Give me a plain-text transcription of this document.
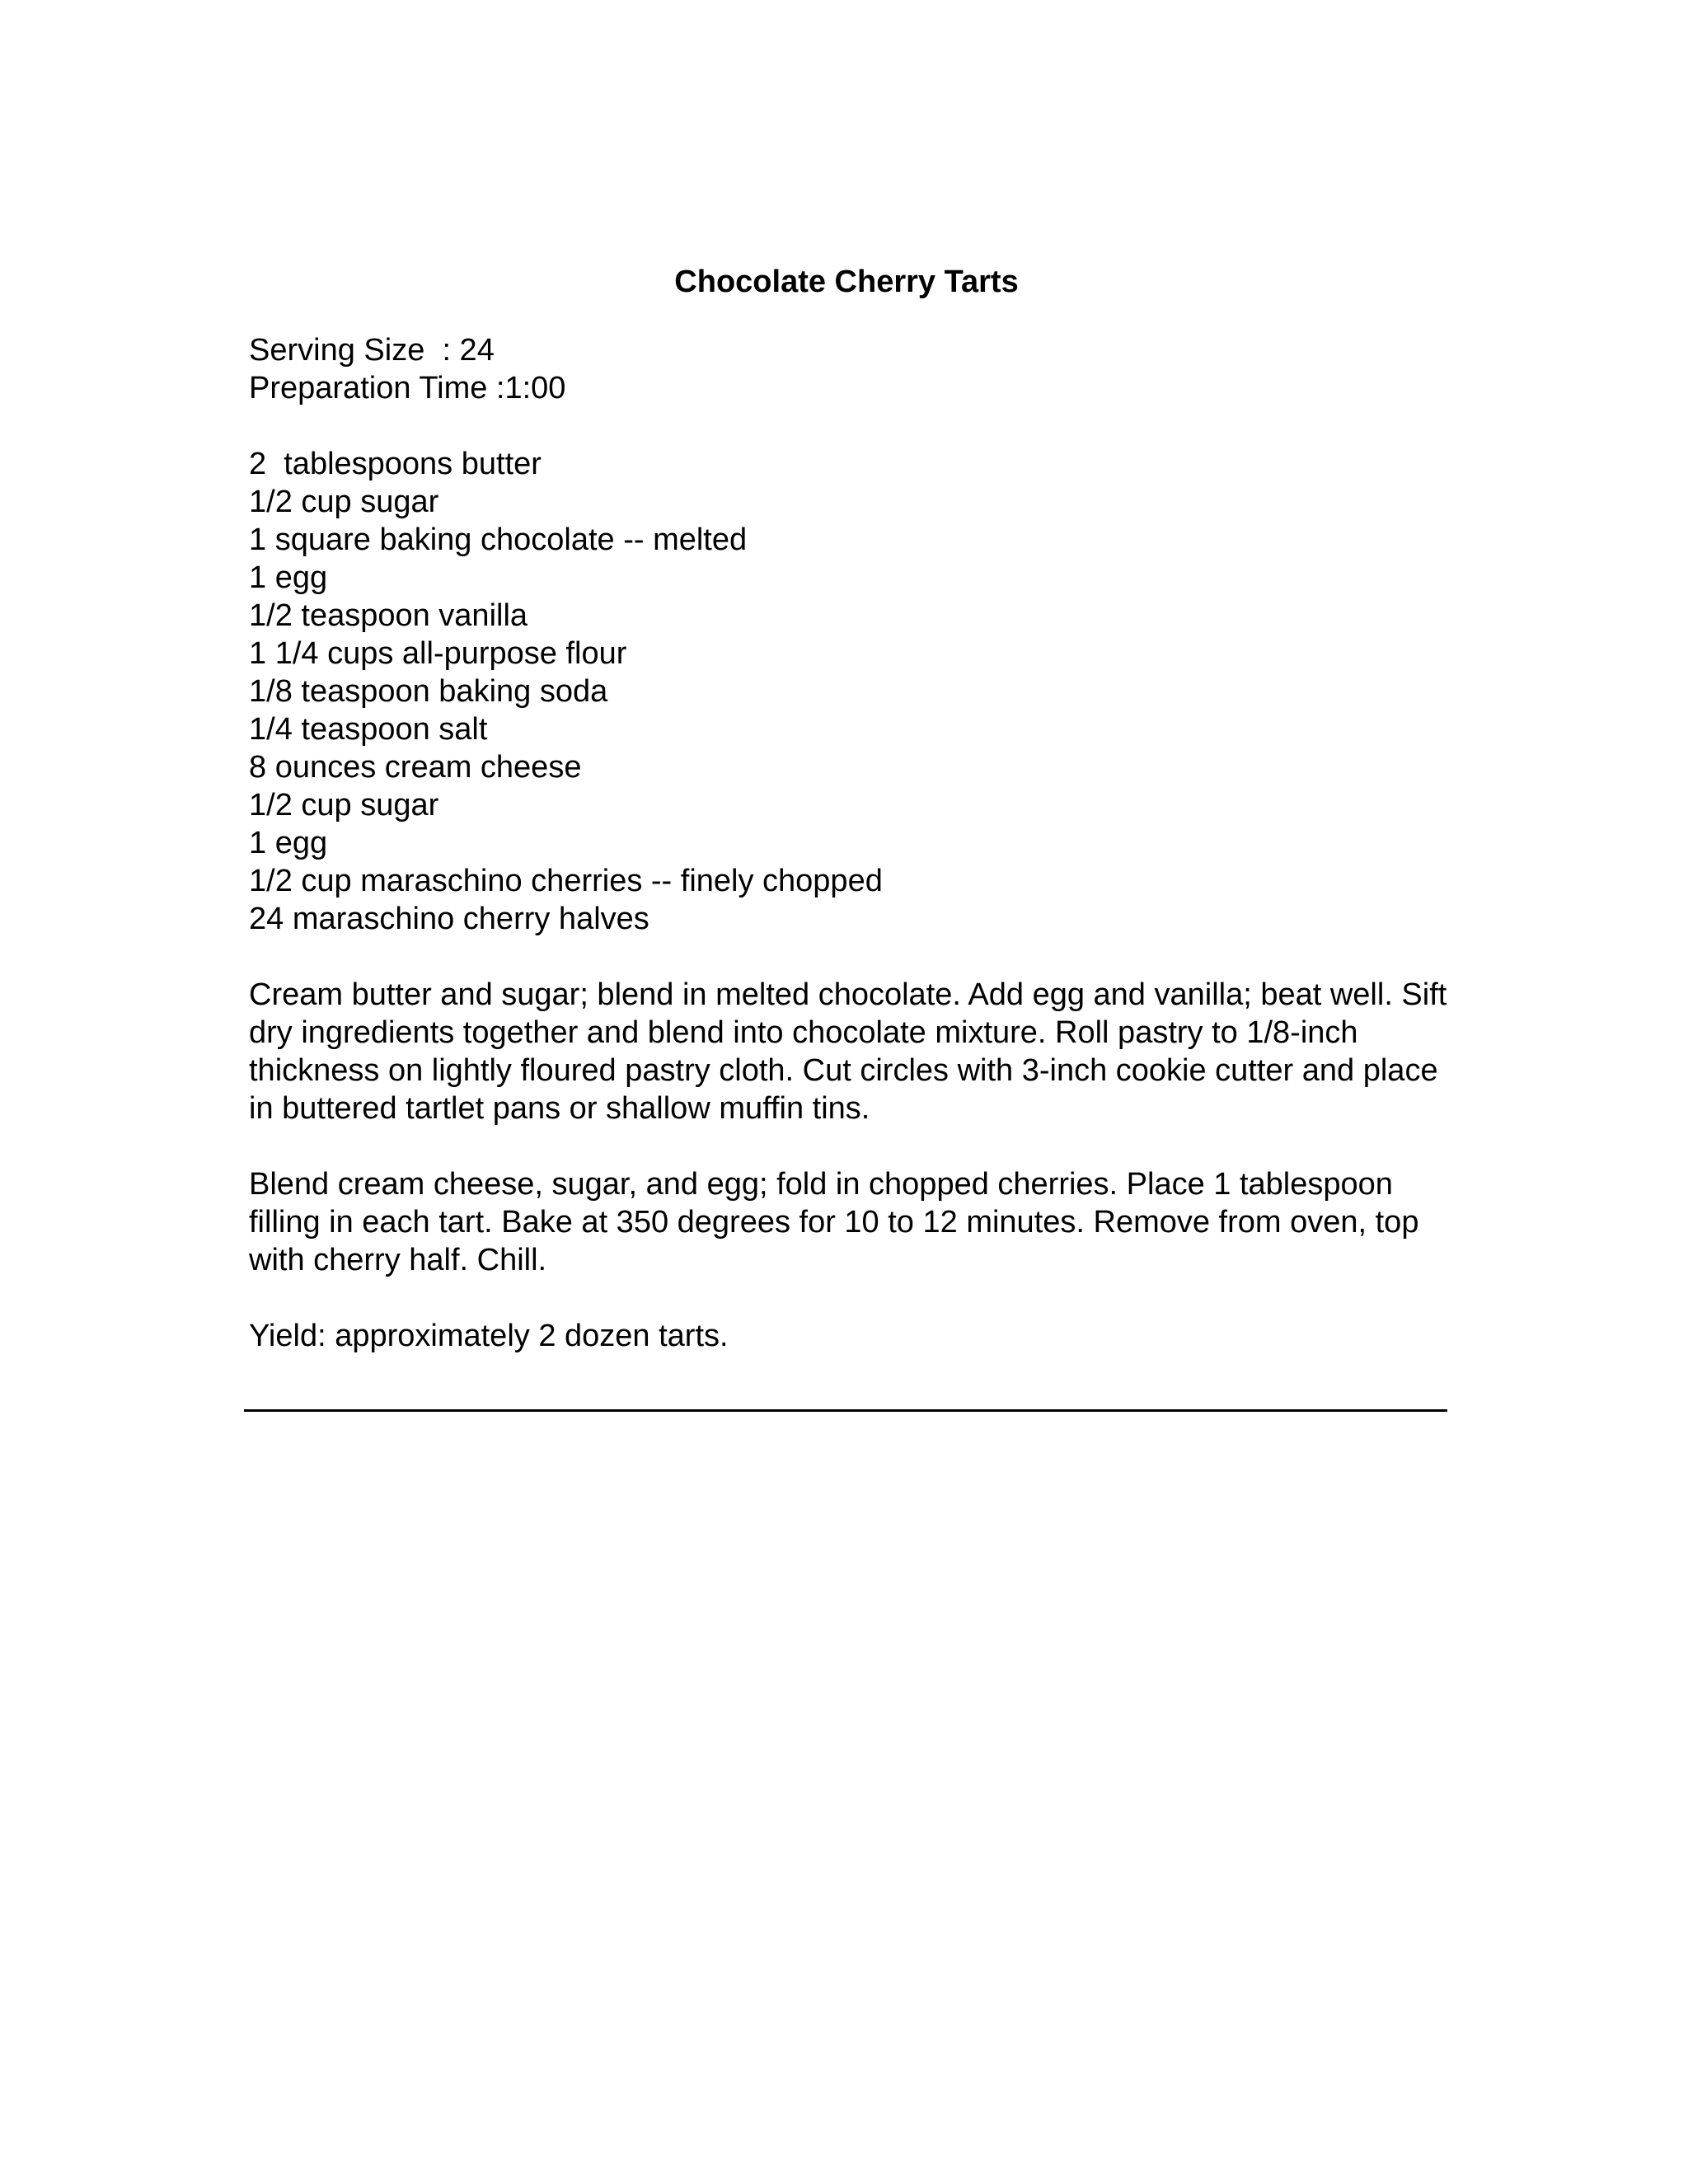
Chocolate Cherry Tarts
Serving Size  : 24
Preparation Time :1:00
2  tablespoons butter
1/2 cup sugar
1 square baking chocolate -- melted
1 egg
1/2 teaspoon vanilla
1 1/4 cups all-purpose flour
1/8 teaspoon baking soda
1/4 teaspoon salt
8 ounces cream cheese
1/2 cup sugar
1 egg
1/2 cup maraschino cherries -- finely chopped
24 maraschino cherry halves
Cream butter and sugar; blend in melted chocolate. Add egg and vanilla; beat well. Sift dry ingredients together and blend into chocolate mixture. Roll pastry to 1/8-inch thickness on lightly floured pastry cloth. Cut circles with 3-inch cookie cutter and place in buttered tartlet pans or shallow muffin tins.
Blend cream cheese, sugar, and egg; fold in chopped cherries. Place 1 tablespoon filling in each tart. Bake at 350 degrees for 10 to 12 minutes. Remove from oven, top with cherry half. Chill.
Yield: approximately 2 dozen tarts.
